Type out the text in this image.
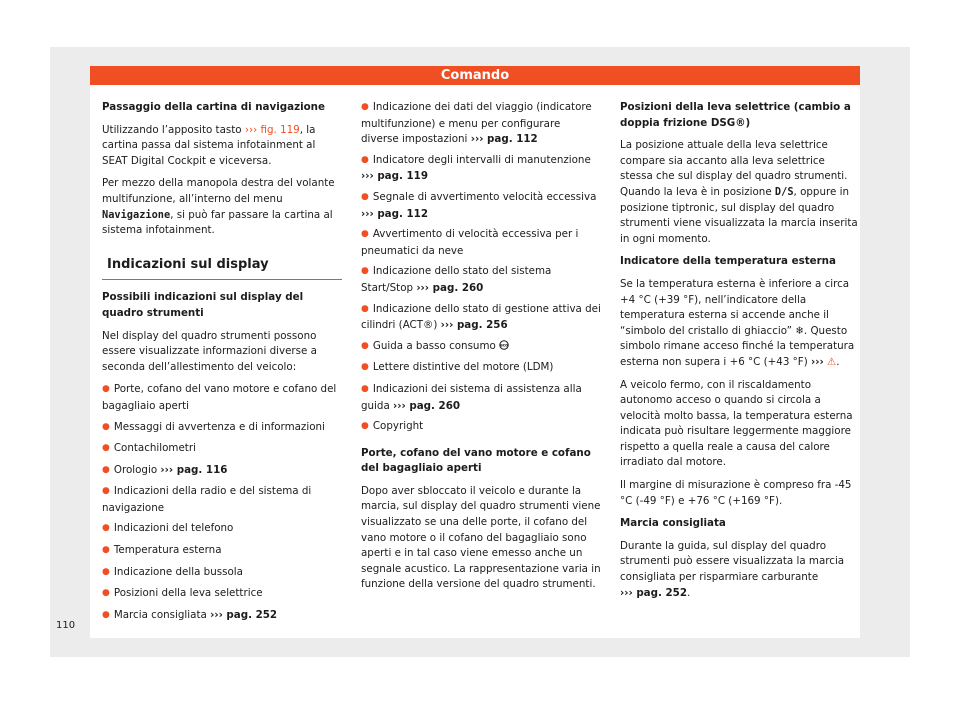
Comando

Passaggio della cartina di navigazione

Utilizzando l’apposito tasto ››› fig. 119, la cartina passa dal sistema infotainment al SEAT Digital Cockpit e viceversa.

Per mezzo della manopola destra del volante multifunzione, all’interno del menu Navigazione, si può far passare la cartina al sistema infotainment.

Indicazioni sul display

Possibili indicazioni sul display del quadro strumenti

Nel display del quadro strumenti possono essere visualizzate informazioni diverse a seconda dell’allestimento del veicolo:

● Porte, cofano del vano motore e cofano del bagagliaio aperti
● Messaggi di avvertenza e di informazioni
● Contachilometri
● Orologio ››› pag. 116
● Indicazioni della radio e del sistema di navigazione
● Indicazioni del telefono
● Temperatura esterna
● Indicazione della bussola
● Posizioni della leva selettrice
● Marcia consigliata ››› pag. 252
● Indicazione dei dati del viaggio (indicatore multifunzione) e menu per configurare diverse impostazioni ››› pag. 112
● Indicatore degli intervalli di manutenzione ››› pag. 119
● Segnale di avvertimento velocità eccessiva ››› pag. 112
● Avvertimento di velocità eccessiva per i pneumatici da neve
● Indicazione dello stato del sistema Start/Stop ››› pag. 260
● Indicazione dello stato di gestione attiva dei cilindri (ACT®) ››› pag. 256
● Guida a basso consumo eco
● Lettere distintive del motore (LDM)
● Indicazioni dei sistema di assistenza alla guida ››› pag. 260
● Copyright

Porte, cofano del vano motore e cofano del bagagliaio aperti

Dopo aver sbloccato il veicolo e durante la marcia, sul display del quadro strumenti viene visualizzato se una delle porte, il cofano del vano motore o il cofano del bagagliaio sono aperti e in tal caso viene emesso anche un segnale acustico. La rappresentazione varia in funzione della versione del quadro strumenti.

Posizioni della leva selettrice (cambio a doppia frizione DSG®)

La posizione attuale della leva selettrice compare sia accanto alla leva selettrice stessa che sul display del quadro strumenti. Quando la leva è in posizione D/S, oppure in posizione tiptronic, sul display del quadro strumenti viene visualizzata la marcia inserita in ogni momento.

Indicatore della temperatura esterna

Se la temperatura esterna è inferiore a circa +4 °C (+39 °F), nell’indicatore della temperatura esterna si accende anche il “simbolo del cristallo di ghiaccio” ❄. Questo simbolo rimane acceso finché la temperatura esterna non supera i +6 °C (+43 °F) ››› ⚠.

A veicolo fermo, con il riscaldamento autonomo acceso o quando si circola a velocità molto bassa, la temperatura esterna indicata può risultare leggermente maggiore rispetto a quella reale a causa del calore irradiato dal motore.

Il margine di misurazione è compreso fra -45 °C (-49 °F) e +76 °C (+169 °F).

Marcia consigliata

Durante la guida, sul display del quadro strumenti può essere visualizzata la marcia consigliata per risparmiare carburante
››› pag. 252.

110
